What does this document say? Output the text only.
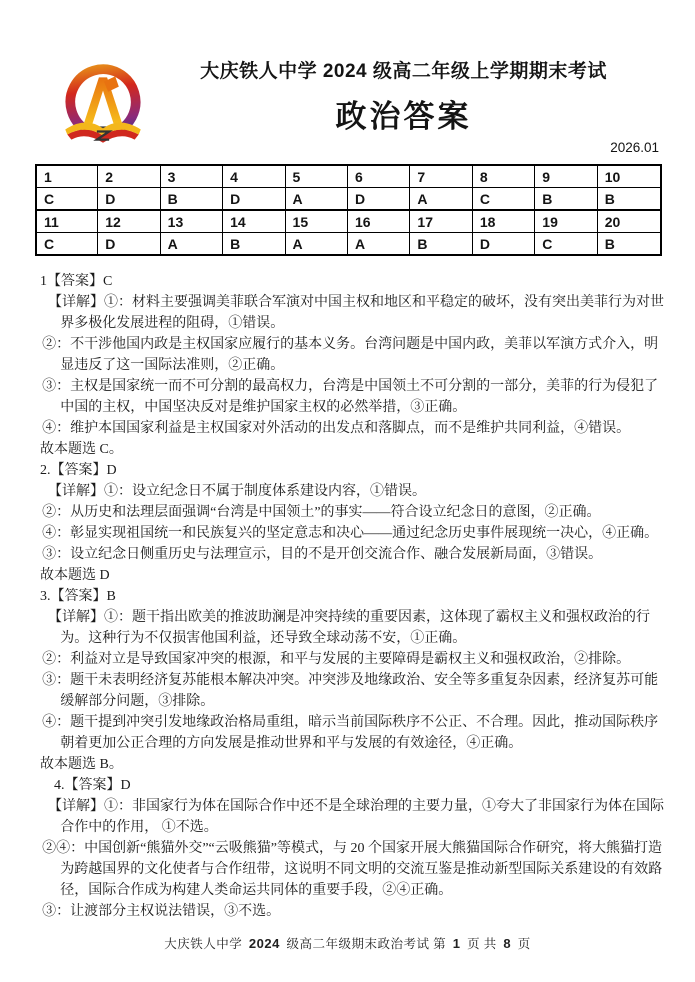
大庆铁人中学 2024 级高二年级上学期期末考试
政治答案
2026.01
1	2	3	4	5	6	7	8	9	10
C	D	B	D	A	D	A	C	B	B
11	12	13	14	15	16	17	18	19	20
C	D	A	B	A	A	B	D	C	B

1【答案】C

【详解】①：材料主要强调美菲联合军演对中国主权和地区和平稳定的破坏，没有突出美菲行为对世界多极化发展进程的阻碍，①错误。

②：不干涉他国内政是主权国家应履行的基本义务。台湾问题是中国内政，美菲以军演方式介入，明显违反了这一国际法准则，②正确。

③：主权是国家统一而不可分割的最高权力，台湾是中国领土不可分割的一部分，美菲的行为侵犯了中国的主权，中国坚决反对是维护国家主权的必然举措，③正确。

④：维护本国国家利益是主权国家对外活动的出发点和落脚点，而不是维护共同利益，④错误。

故本题选 C。

2.【答案】D

【详解】①：设立纪念日不属于制度体系建设内容，①错误。

②：从历史和法理层面强调“台湾是中国领土”的事实——符合设立纪念日的意图，②正确。

④：彰显实现祖国统一和民族复兴的坚定意志和决心——通过纪念历史事件展现统一决心，④正确。

③：设立纪念日侧重历史与法理宣示，目的不是开创交流合作、融合发展新局面，③错误。

故本题选 D

3.【答案】B

【详解】①：题干指出欧美的推波助澜是冲突持续的重要因素，这体现了霸权主义和强权政治的行为。这种行为不仅损害他国利益，还导致全球动荡不安，①正确。

②：利益对立是导致国家冲突的根源，和平与发展的主要障碍是霸权主义和强权政治，②排除。

③：题干未表明经济复苏能根本解决冲突。冲突涉及地缘政治、安全等多重复杂因素，经济复苏可能缓解部分问题，③排除。

④：题干提到冲突引发地缘政治格局重组，暗示当前国际秩序不公正、不合理。因此，推动国际秩序朝着更加公正合理的方向发展是推动世界和平与发展的有效途径，④正确。

故本题选 B。

4.【答案】D

【详解】①：非国家行为体在国际合作中还不是全球治理的主要力量，①夸大了非国家行为体在国际合作中的作用， ①不选。

②④：中国创新“熊猫外交”“云吸熊猫”等模式，与 20 个国家开展大熊猫国际合作研究，将大熊猫打造为跨越国界的文化使者与合作纽带，这说明不同文明的交流互鉴是推动新型国际关系建设的有效路径，国际合作成为构建人类命运共同体的重要手段，②④正确。

③：让渡部分主权说法错误，③不选。

大庆铁人中学 2024 级高二年级期末政治考试 第 1 页 共 8 页
